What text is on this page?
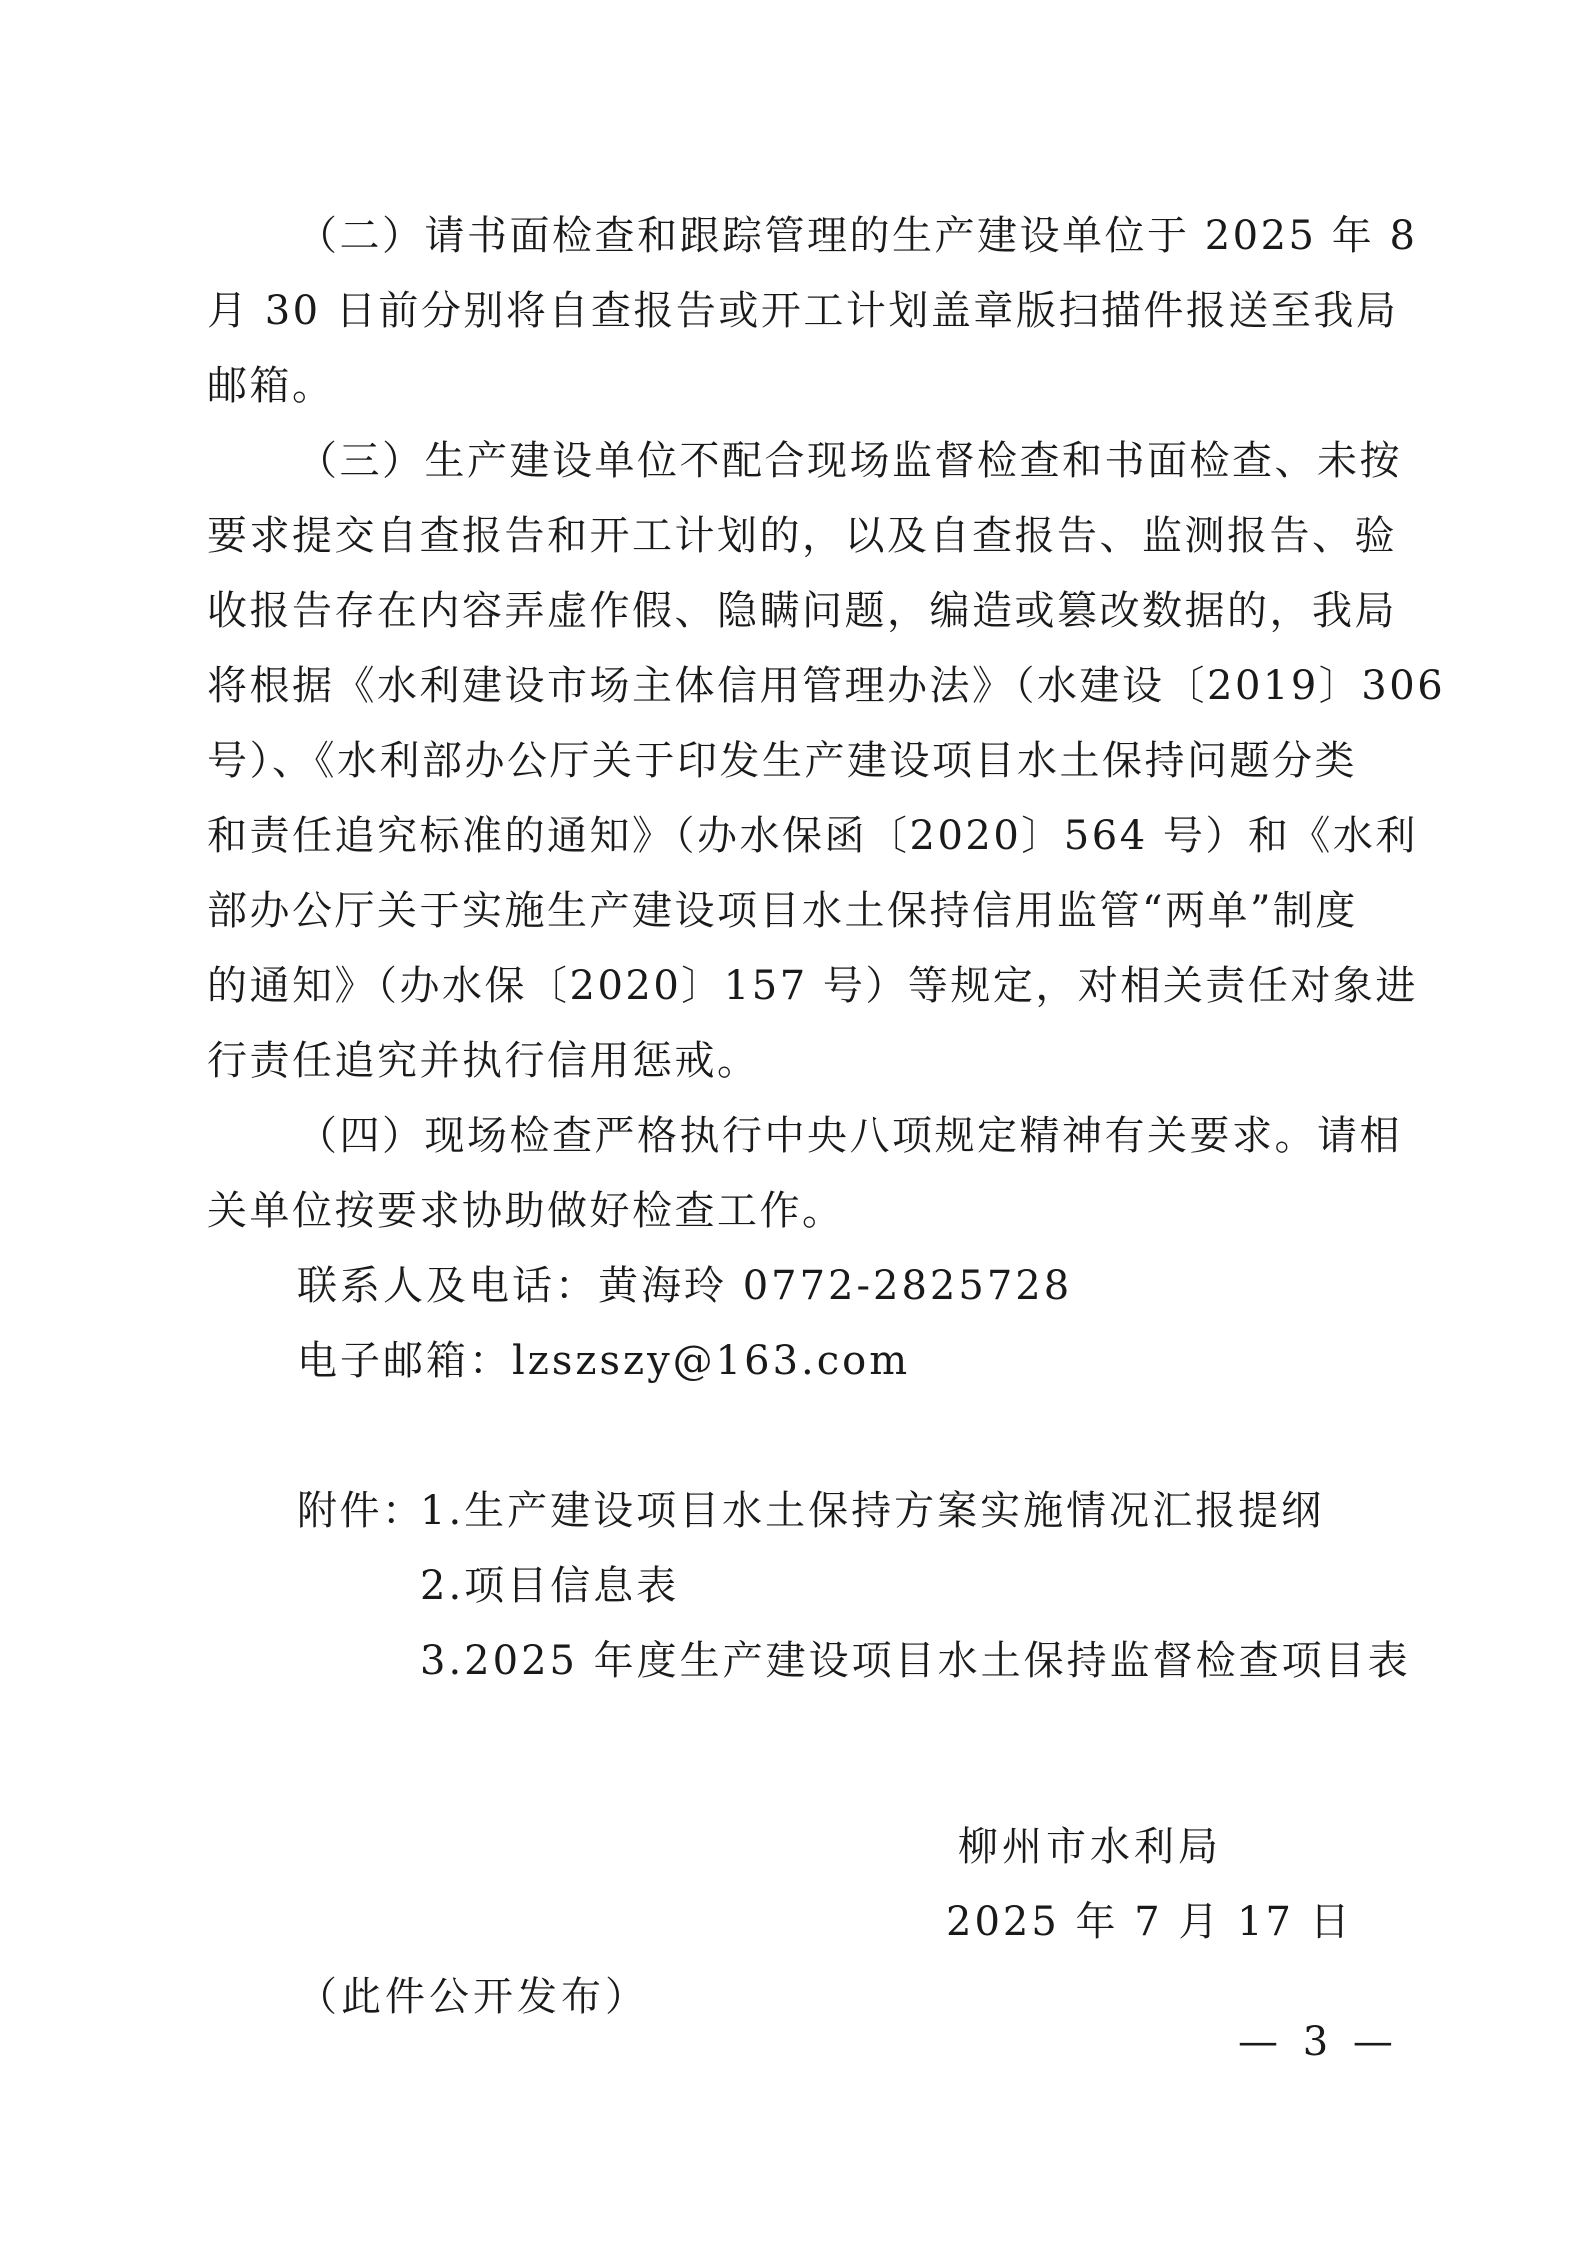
（二）请书面检查和跟踪管理的生产建设单位于 2025 年 8
月 30 日前分别将自查报告或开工计划盖章版扫描件报送至我局
邮箱。
（三）生产建设单位不配合现场监督检查和书面检查、未按
要求提交自查报告和开工计划的，以及自查报告、监测报告、验
收报告存在内容弄虚作假、隐瞒问题，编造或篡改数据的，我局
将根据《水利建设市场主体信用管理办法》（水建设〔2019〕306
号）、《水利部办公厅关于印发生产建设项目水土保持问题分类
和责任追究标准的通知》（办水保函〔2020〕564 号）和《水利
部办公厅关于实施生产建设项目水土保持信用监管“两单”制度
的通知》（办水保〔2020〕157 号）等规定，对相关责任对象进
行责任追究并执行信用惩戒。
（四）现场检查严格执行中央八项规定精神有关要求。请相
关单位按要求协助做好检查工作。
联系人及电话：黄海玲 0772-2825728
电子邮箱：lzszszy@163.com
附件：
1.生产建设项目水土保持方案实施情况汇报提纲
2.项目信息表
3.2025 年度生产建设项目水土保持监督检查项目表
柳州市水利局
2025 年 7 月 17 日
（此件公开发布）
— 3 —
